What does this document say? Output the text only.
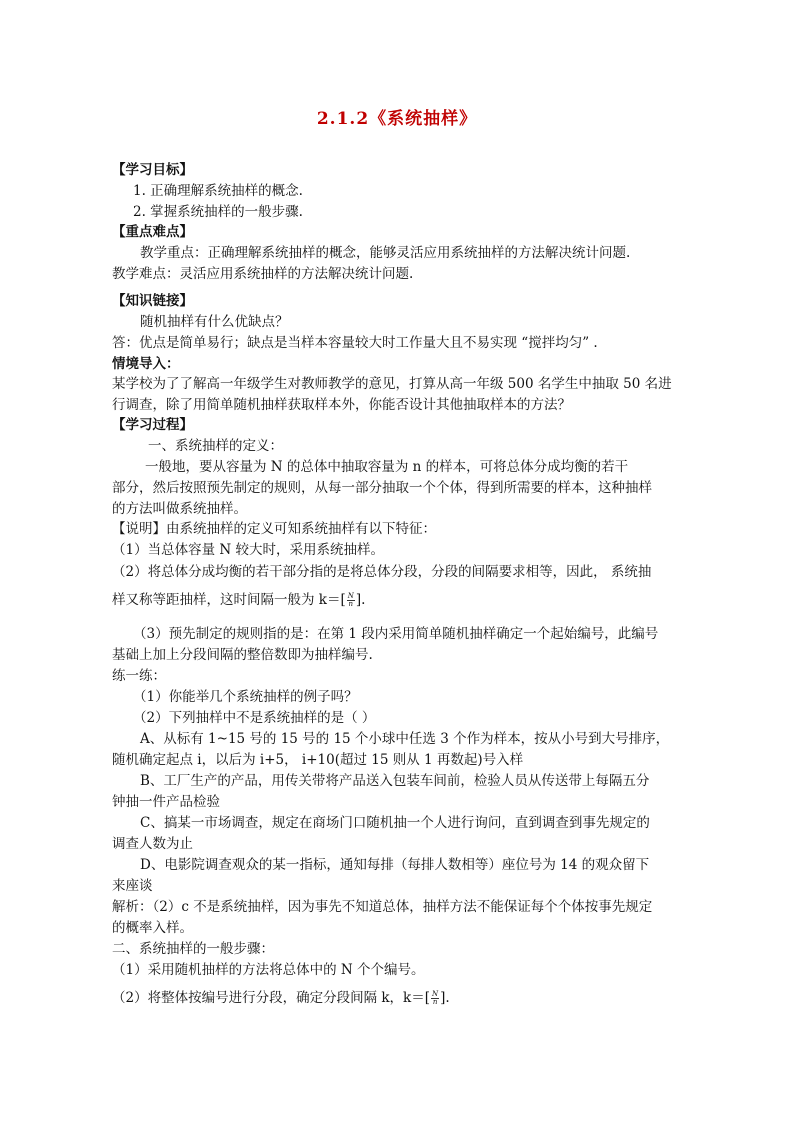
2.1.2《系统抽样》
【学习目标】
1. 正确理解系统抽样的概念.
2. 掌握系统抽样的一般步骤.
【重点难点】
教学重点：正确理解系统抽样的概念，能够灵活应用系统抽样的方法解决统计问题.
教学难点：灵活应用系统抽样的方法解决统计问题.
【知识链接】
随机抽样有什么优缺点？
答：优点是简单易行；缺点是当样本容量较大时工作量大且不易实现 “搅拌均匀” .
情境导入：
某学校为了了解高一年级学生对教师教学的意见，打算从高一年级 500 名学生中抽取 50 名进
行调查，除了用简单随机抽样获取样本外，你能否设计其他抽取样本的方法？
【学习过程】
一、系统抽样的定义：
一般地，要从容量为 N 的总体中抽取容量为 n 的样本，可将总体分成均衡的若干
部分，然后按照预先制定的规则，从每一部分抽取一个个体，得到所需要的样本，这种抽样
的方法叫做系统抽样。
【说明】由系统抽样的定义可知系统抽样有以下特征：
（1）当总体容量 N 较大时，采用系统抽样。
（2）将总体分成均衡的若干部分指的是将总体分段，分段的间隔要求相等，因此， 系统抽
样又称等距抽样，这时间隔一般为 $k=[ \frac{N}{n}$ ].
（3）预先制定的规则指的是：在第 1 段内采用简单随机抽样确定一个起始编号，此编号
基础上加上分段间隔的整倍数即为抽样编号.
练一练：
（1）你能举几个系统抽样的例子吗？
（2）下列抽样中不是系统抽样的是（ ）
A、从标有 1~15 号的 15 号的 15 个小球中任选 3 个作为样本，按从小号到大号排序，
随机确定起点 i，以后为 i+5， i+10(超过 15 则从 1 再数起)号入样
B、工厂生产的产品，用传关带将产品送入包装车间前，检验人员从传送带上每隔五分
钟抽一件产品检验
C、搞某一市场调查，规定在商场门口随机抽一个人进行询问，直到调查到事先规定的
调查人数为止
D、电影院调查观众的某一指标，通知每排（每排人数相等）座位号为 14 的观众留下
来座谈
解析：（2）c 不是系统抽样，因为事先不知道总体，抽样方法不能保证每个个体按事先规定
的概率入样。
二、系统抽样的一般步骤：
（1）采用随机抽样的方法将总体中的 N 个个编号。
（2）将整体按编号进行分段，确定分段间隔 k，$k=[ \frac{N}{n}$ ].
